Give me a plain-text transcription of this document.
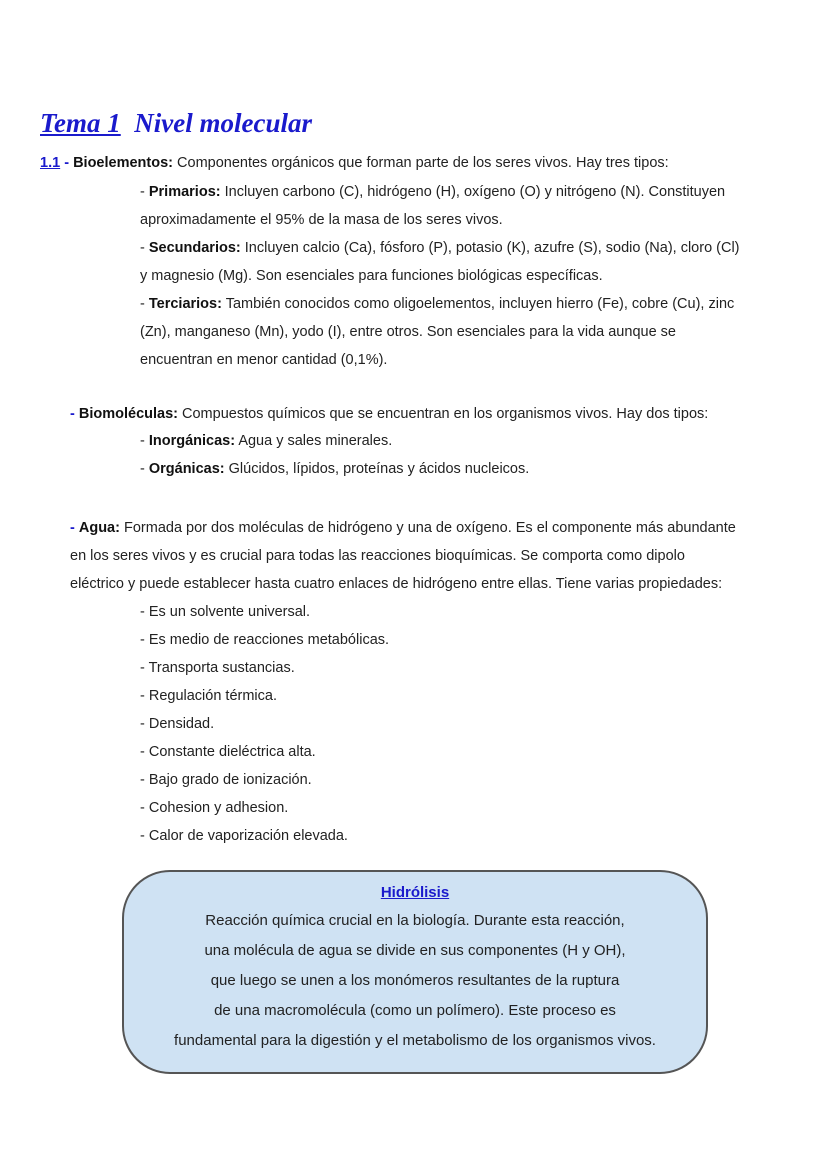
Tema 1 Nivel molecular
1.1 - Bioelementos: Componentes orgánicos que forman parte de los seres vivos. Hay tres tipos:
- Primarios: Incluyen carbono (C), hidrógeno (H), oxígeno (O) y nitrógeno (N). Constituyen
aproximadamente el 95% de la masa de los seres vivos.
- Secundarios: Incluyen calcio (Ca), fósforo (P), potasio (K), azufre (S), sodio (Na), cloro (Cl)
y magnesio (Mg). Son esenciales para funciones biológicas específicas.
- Terciarios: También conocidos como oligoelementos, incluyen hierro (Fe), cobre (Cu), zinc
(Zn), manganeso (Mn), yodo (I), entre otros. Son esenciales para la vida aunque se
encuentran en menor cantidad (0,1%).
- Biomoléculas: Compuestos químicos que se encuentran en los organismos vivos. Hay dos tipos:
- Inorgánicas: Agua y sales minerales.
- Orgánicas: Glúcidos, lípidos, proteínas y ácidos nucleicos.
- Agua: Formada por dos moléculas de hidrógeno y una de oxígeno. Es el componente más abundante
en los seres vivos y es crucial para todas las reacciones bioquímicas. Se comporta como dipolo
eléctrico y puede establecer hasta cuatro enlaces de hidrógeno entre ellas. Tiene varias propiedades:
- Es un solvente universal.
- Es medio de reacciones metabólicas.
- Transporta sustancias.
- Regulación térmica.
- Densidad.
- Constante dieléctrica alta.
- Bajo grado de ionización.
- Cohesion y adhesion.
- Calor de vaporización elevada.
Hidrólisis
Reacción química crucial en la biología. Durante esta reacción,
una molécula de agua se divide en sus componentes (H y OH),
que luego se unen a los monómeros resultantes de la ruptura
de una macromolécula (como un polímero). Este proceso es
fundamental para la digestión y el metabolismo de los organismos vivos.
